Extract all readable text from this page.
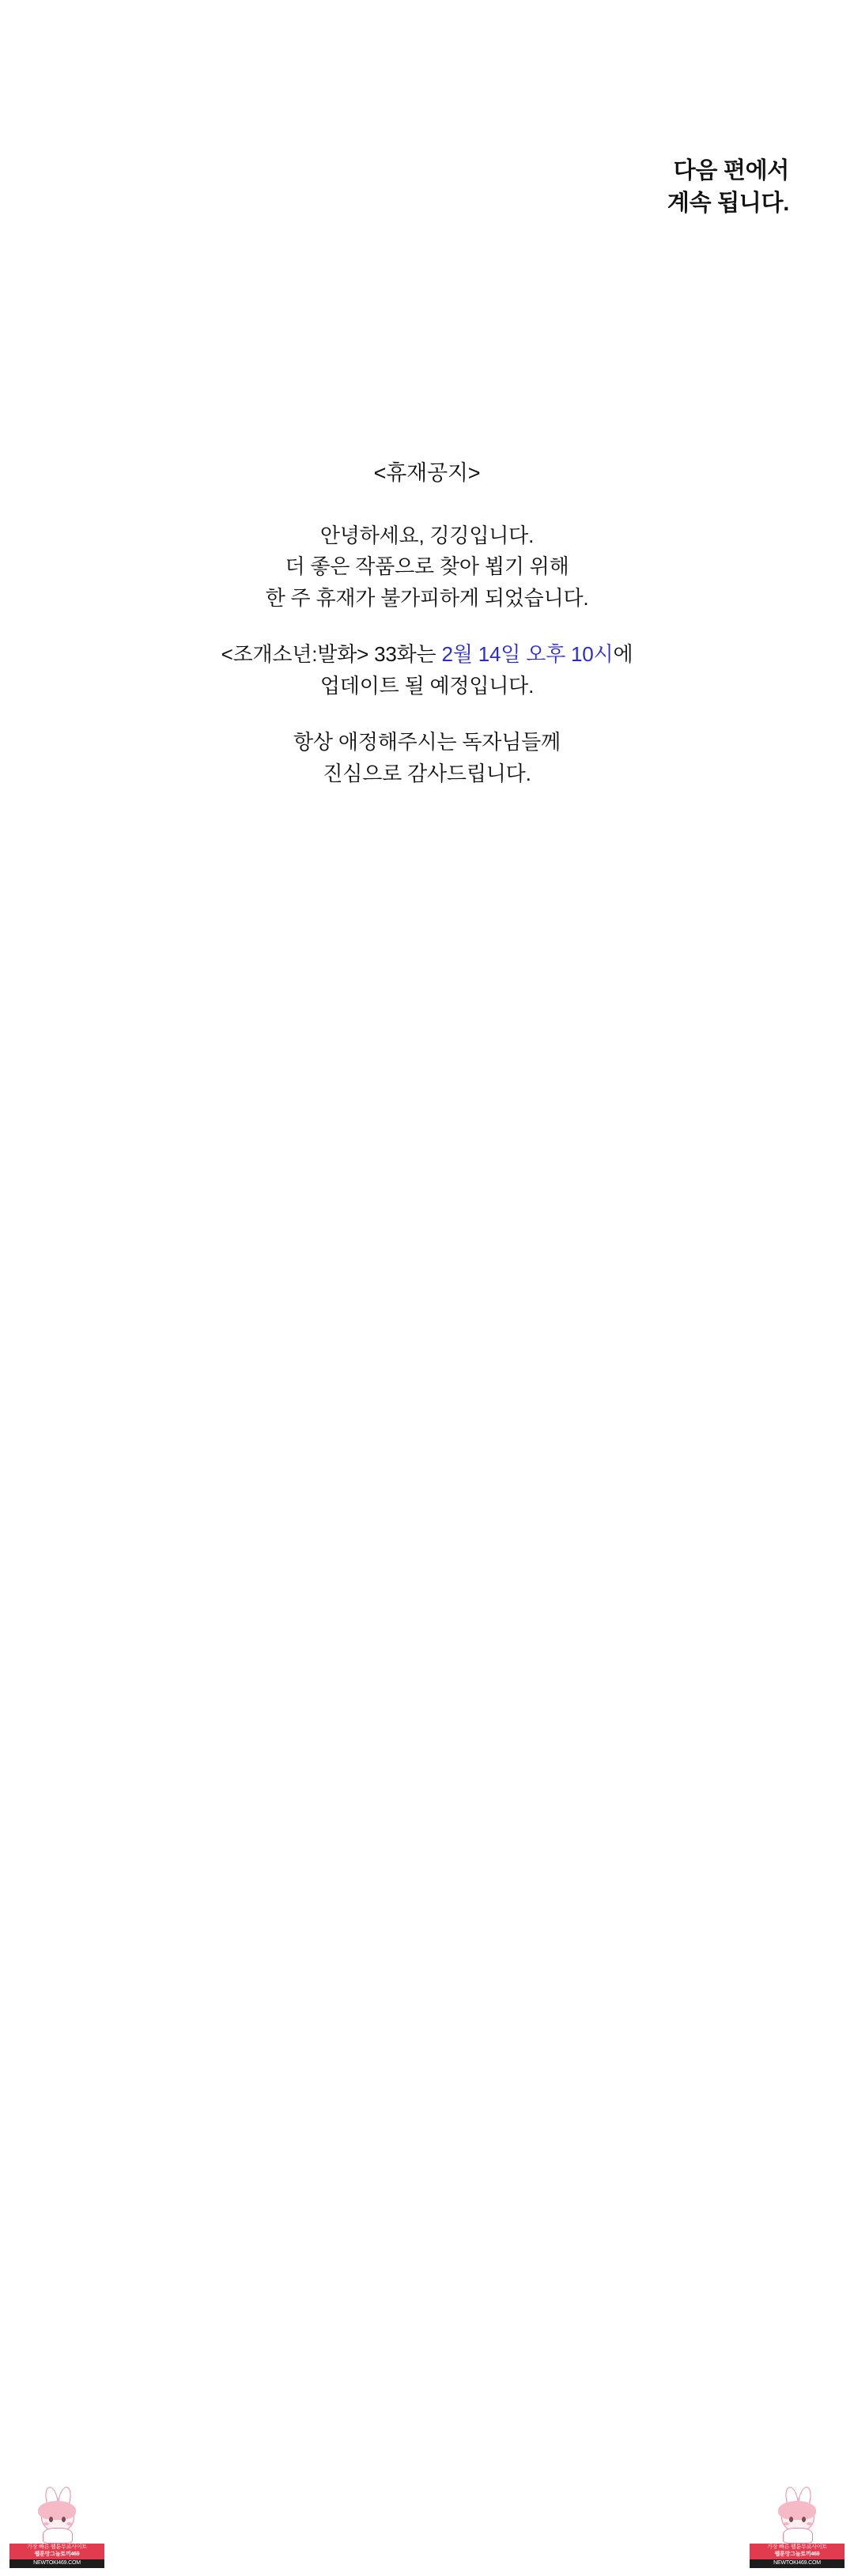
다음 편에서
계속 됩니다.
<휴재공지>
안녕하세요, 깅깅입니다.
더 좋은 작품으로 찾아 뵙기 위해
한 주 휴재가 불가피하게 되었습니다.
<조개소년:발화> 33화는 2월 14일 오후 10시에
업데이트 될 예정입니다.
항상 애정해주시는 독자님들께
진심으로 감사드립니다.
가장 빠른 웹툰무료사이트
웹툰망그늘토끼469
NEWTOKI469.COM
가장 빠른 웹툰무료사이트
웹툰망그늘토끼469
NEWTOKI469.COM
